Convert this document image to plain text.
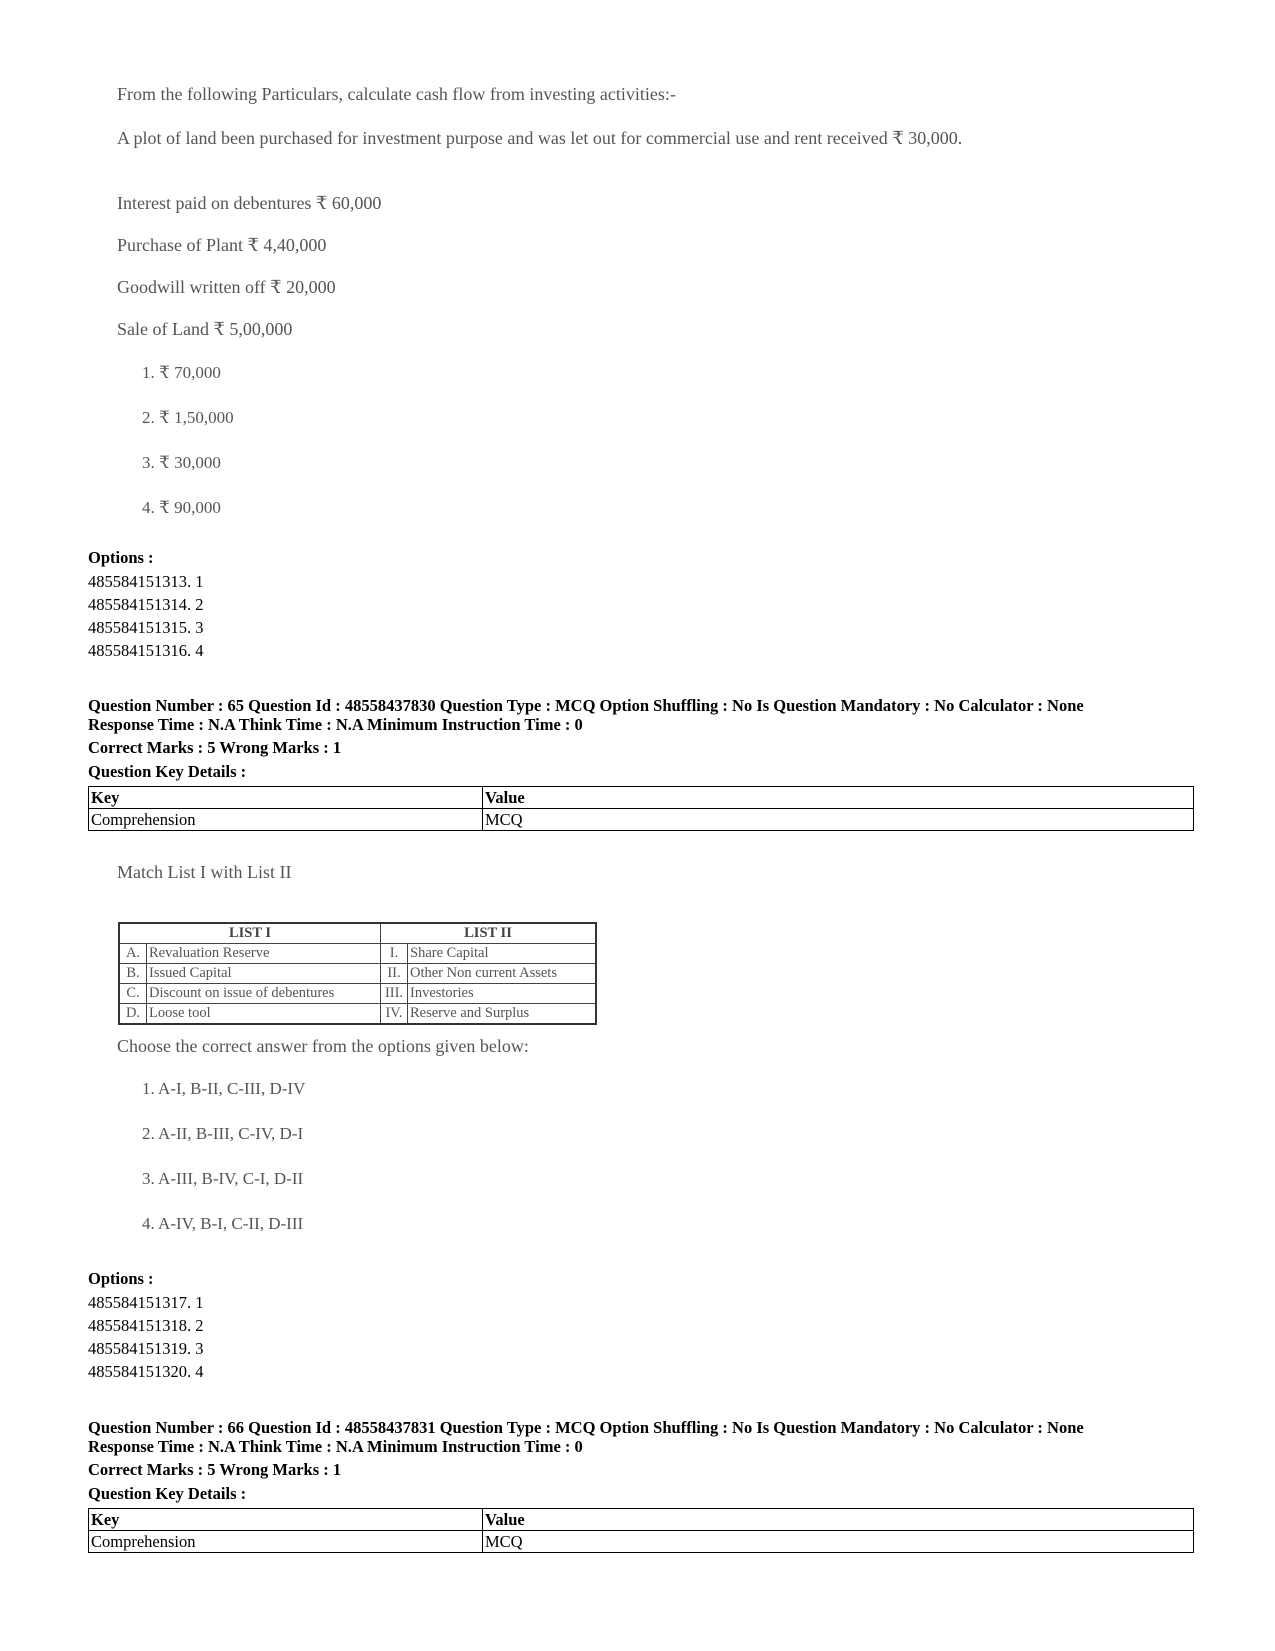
From the following Particulars, calculate cash flow from investing activities:-

A plot of land been purchased for investment purpose and was let out for commercial use and rent received ₹ 30,000.

Interest paid on debentures ₹ 60,000

Purchase of Plant ₹ 4,40,000

Goodwill written off ₹ 20,000

Sale of Land ₹ 5,00,000

1. ₹ 70,000

2. ₹ 1,50,000

3. ₹ 30,000

4. ₹ 90,000

Options :
485584151313. 1
485584151314. 2
485584151315. 3
485584151316. 4
Question Number : 65 Question Id : 48558437830 Question Type : MCQ Option Shuffling : No Is Question Mandatory : No Calculator : None
Response Time : N.A Think Time : N.A Minimum Instruction Time : 0
Correct Marks : 5 Wrong Marks : 1
Question Key Details :
Key	Value
Comprehension	MCQ

Match List I with List II

Choose the correct answer from the options given below:

1. A-I, B-II, C-III, D-IV

2. A-II, B-III, C-IV, D-I

3. A-III, B-IV, C-I, D-II

4. A-IV, B-I, C-II, D-III

LIST I		LIST II	
A.	Revaluation Reserve	I.	Share Capital
B.	Issued Capital	II.	Other Non current Assets
C.	Discount on issue of debentures	III.	Investories
D.	Loose tool	IV.	Reserve and Surplus
Options :
485584151317. 1
485584151318. 2
485584151319. 3
485584151320. 4
Question Number : 66 Question Id : 48558437831 Question Type : MCQ Option Shuffling : No Is Question Mandatory : No Calculator : None
Response Time : N.A Think Time : N.A Minimum Instruction Time : 0
Correct Marks : 5 Wrong Marks : 1
Question Key Details :
Key	Value
Comprehension	MCQ
